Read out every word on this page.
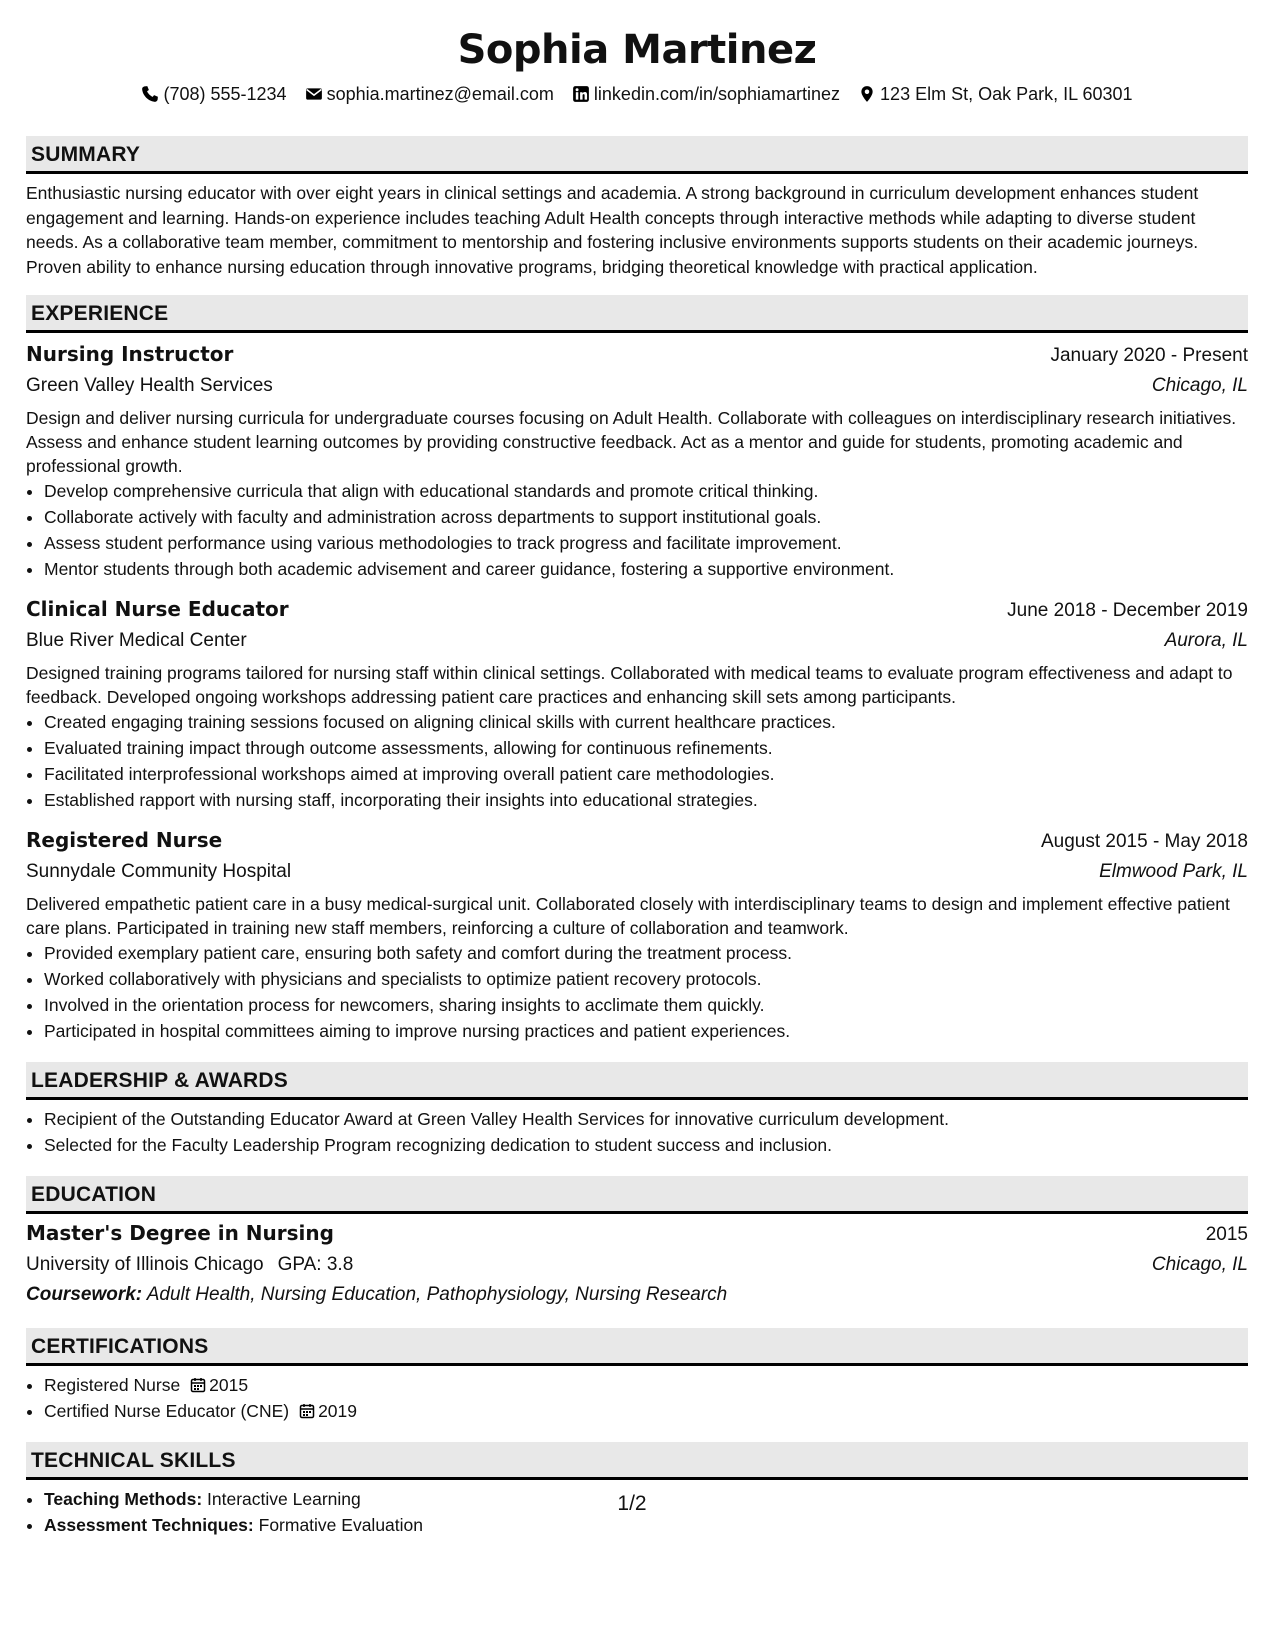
Sophia Martinez
(708) 555-1234 sophia.martinez@email.com linkedin.com/in/sophiamartinez 123 Elm St, Oak Park, IL 60301
SUMMARY
Enthusiastic nursing educator with over eight years in clinical settings and academia. A strong background in curriculum development enhances student engagement and learning. Hands-on experience includes teaching Adult Health concepts through interactive methods while adapting to diverse student needs. As a collaborative team member, commitment to mentorship and fostering inclusive environments supports students on their academic journeys. Proven ability to enhance nursing education through innovative programs, bridging theoretical knowledge with practical application.
EXPERIENCE
Nursing Instructor	January 2020 - Present
Green Valley Health Services	Chicago, IL
Design and deliver nursing curricula for undergraduate courses focusing on Adult Health. Collaborate with colleagues on interdisciplinary research initiatives. Assess and enhance student learning outcomes by providing constructive feedback. Act as a mentor and guide for students, promoting academic and professional growth.
• Develop comprehensive curricula that align with educational standards and promote critical thinking.
• Collaborate actively with faculty and administration across departments to support institutional goals.
• Assess student performance using various methodologies to track progress and facilitate improvement.
• Mentor students through both academic advisement and career guidance, fostering a supportive environment.
Clinical Nurse Educator	June 2018 - December 2019
Blue River Medical Center	Aurora, IL
Designed training programs tailored for nursing staff within clinical settings. Collaborated with medical teams to evaluate program effectiveness and adapt to feedback. Developed ongoing workshops addressing patient care practices and enhancing skill sets among participants.
• Created engaging training sessions focused on aligning clinical skills with current healthcare practices.
• Evaluated training impact through outcome assessments, allowing for continuous refinements.
• Facilitated interprofessional workshops aimed at improving overall patient care methodologies.
• Established rapport with nursing staff, incorporating their insights into educational strategies.
Registered Nurse	August 2015 - May 2018
Sunnydale Community Hospital	Elmwood Park, IL
Delivered empathetic patient care in a busy medical-surgical unit. Collaborated closely with interdisciplinary teams to design and implement effective patient care plans. Participated in training new staff members, reinforcing a culture of collaboration and teamwork.
• Provided exemplary patient care, ensuring both safety and comfort during the treatment process.
• Worked collaboratively with physicians and specialists to optimize patient recovery protocols.
• Involved in the orientation process for newcomers, sharing insights to acclimate them quickly.
• Participated in hospital committees aiming to improve nursing practices and patient experiences.
LEADERSHIP & AWARDS
• Recipient of the Outstanding Educator Award at Green Valley Health Services for innovative curriculum development.
• Selected for the Faculty Leadership Program recognizing dedication to student success and inclusion.
EDUCATION
Master's Degree in Nursing	2015
University of Illinois Chicago GPA: 3.8	Chicago, IL
Coursework: Adult Health, Nursing Education, Pathophysiology, Nursing Research
CERTIFICATIONS
• Registered Nurse 2015
• Certified Nurse Educator (CNE) 2019
TECHNICAL SKILLS
• Teaching Methods: Interactive Learning
• Assessment Techniques: Formative Evaluation
1/2
